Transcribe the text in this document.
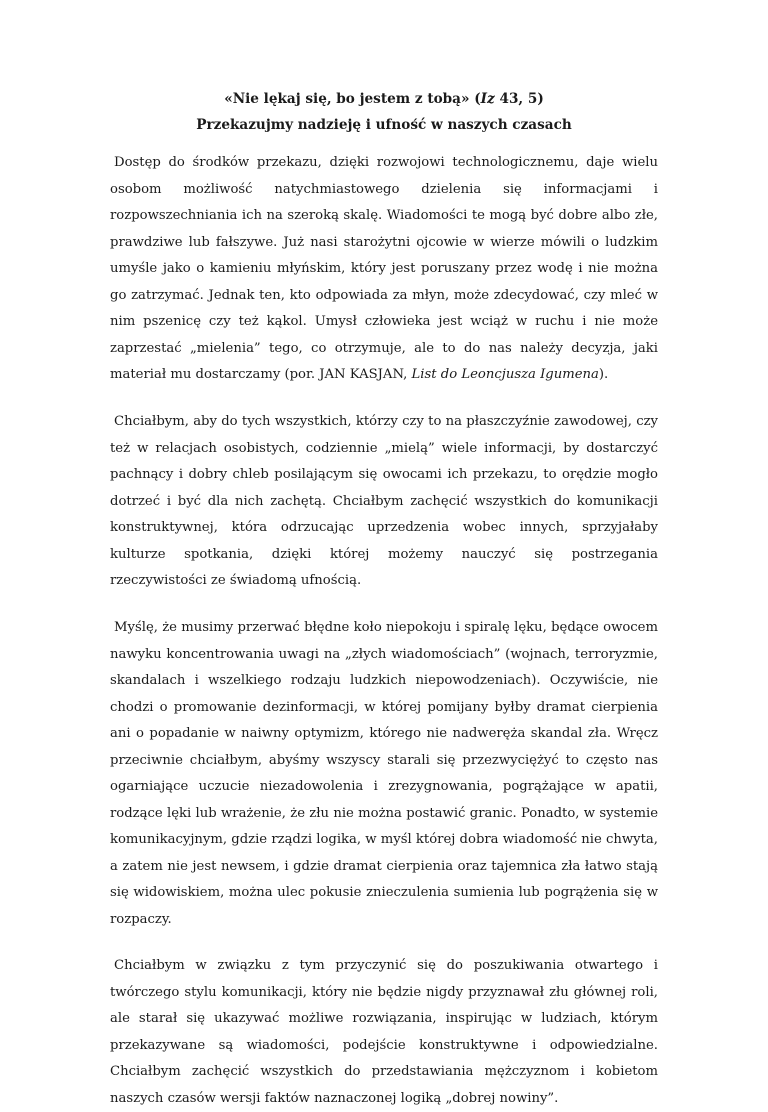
«Nie lękaj się, bo jestem z tobą» (Iz 43, 5)

Przekazujmy nadzieję i ufność w naszych czasach

Dostęp do środków przekazu, dzięki rozwojowi technologicznemu, daje wielu osobom możliwość natychmiastowego dzielenia się informacjami i rozpowszechniania ich na szeroką skalę. Wiadomości te mogą być dobre albo złe, prawdziwe lub fałszywe. Już nasi starożytni ojcowie w wierze mówili o ludzkim umyśle jako o kamieniu młyńskim, który jest poruszany przez wodę i nie można go zatrzymać. Jednak ten, kto odpowiada za młyn, może zdecydować, czy mleć w nim pszenicę czy też kąkol. Umysł człowieka jest wciąż w ruchu i nie może zaprzestać „mielenia” tego, co otrzymuje, ale to do nas należy decyzja, jaki materiał mu dostarczamy (por. JAN KASJAN, List do Leoncjusza Igumena).

Chciałbym, aby do tych wszystkich, którzy czy to na płaszczyźnie zawodowej, czy też w relacjach osobistych, codziennie „mielą” wiele informacji, by dostarczyć pachnący i dobry chleb posilającym się owocami ich przekazu, to orędzie mogło dotrzeć i być dla nich zachętą. Chciałbym zachęcić wszystkich do komunikacji konstruktywnej, która odrzucając uprzedzenia wobec innych, sprzyjałaby kulturze spotkania, dzięki której możemy nauczyć się postrzegania rzeczywistości ze świadomą ufnością.

Myślę, że musimy przerwać błędne koło niepokoju i spiralę lęku, będące owocem nawyku koncentrowania uwagi na „złych wiadomościach” (wojnach, terroryzmie, skandalach i wszelkiego rodzaju ludzkich niepowodzeniach). Oczywiście, nie chodzi o promowanie dezinformacji, w której pomijany byłby dramat cierpienia ani o popadanie w naiwny optymizm, którego nie nadweręża skandal zła. Wręcz przeciwnie chciałbym, abyśmy wszyscy starali się przezwyciężyć to często nas ogarniające uczucie niezadowolenia i zrezygnowania, pogrążające w apatii, rodzące lęki lub wrażenie, że złu nie można postawić granic. Ponadto, w systemie komunikacyjnym, gdzie rządzi logika, w myśl której dobra wiadomość nie chwyta, a zatem nie jest newsem, i gdzie dramat cierpienia oraz tajemnica zła łatwo stają się widowiskiem, można ulec pokusie znieczulenia sumienia lub pogrążenia się w rozpaczy.

Chciałbym w związku z tym przyczynić się do poszukiwania otwartego i twórczego stylu komunikacji, który nie będzie nigdy przyznawał złu głównej roli, ale starał się ukazywać możliwe rozwiązania, inspirując w ludziach, którym przekazywane są wiadomości, podejście konstruktywne i odpowiedzialne. Chciałbym zachęcić wszystkich do przedstawiania mężczyznom i kobietom naszych czasów wersji faktów naznaczonej logiką „dobrej nowiny”.
